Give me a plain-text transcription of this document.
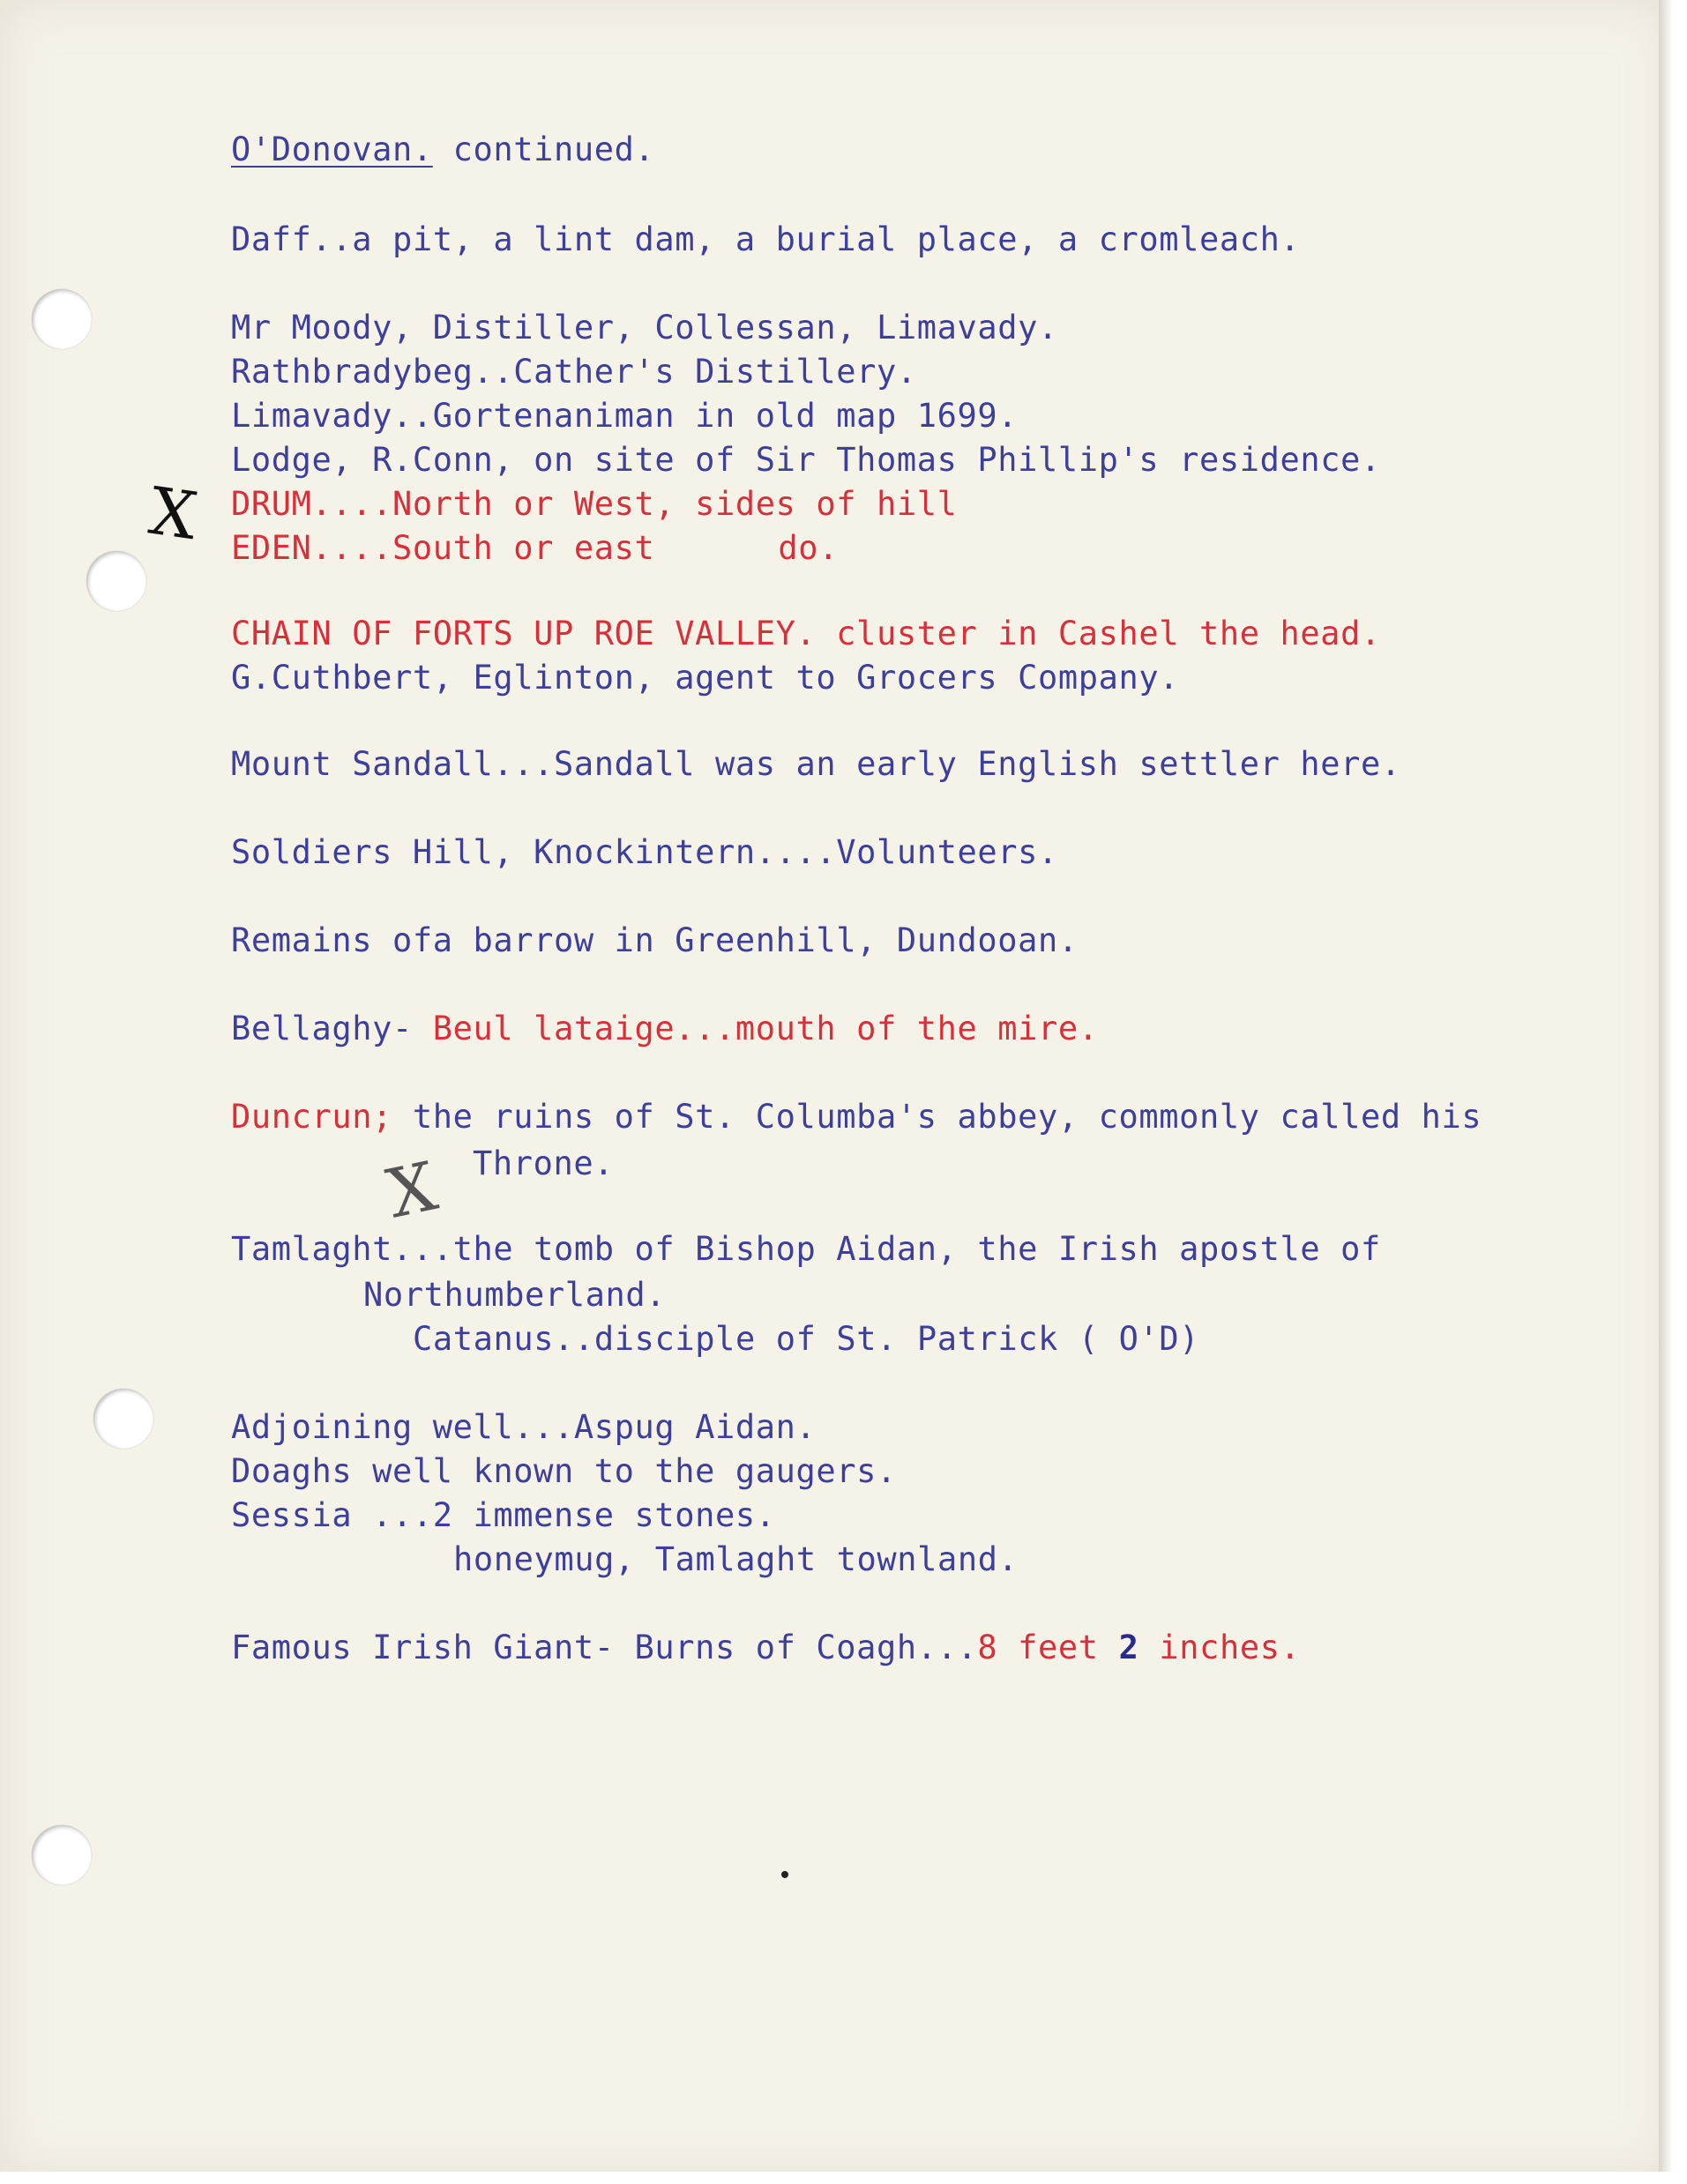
O'Donovan. continued.
Daff..a pit, a lint dam, a burial place, a cromleach.
Mr Moody, Distiller, Collessan, Limavady.
Rathbradybeg..Cather's Distillery.
Limavady..Gortenaniman in old map 1699.
Lodge, R.Conn, on site of Sir Thomas Phillip's residence.
DRUM....North or West, sides of hill
EDEN....South or east	do.
X
CHAIN OF FORTS UP ROE VALLEY. cluster in Cashel the head.
G.Cuthbert, Eglinton, agent to Grocers Company.
Mount Sandall...Sandall was an early English settler here.
Soldiers Hill, Knockintern....Volunteers.
Remains ofa barrow in Greenhill, Dundooan.
Bellaghy- Beul lataige...mouth of the mire.
Duncrun; the ruins of St. Columba's abbey, commonly called his
Throne.
X
Tamlaght...the tomb of Bishop Aidan, the Irish apostle of
Northumberland.
Catanus..disciple of St. Patrick ( O'D)
Adjoining well...Aspug Aidan.
Doaghs well known to the gaugers.
Sessia ...2 immense stones.
honeymug, Tamlaght townland.
Famous Irish Giant- Burns of Coagh...8 feet 2 inches.
